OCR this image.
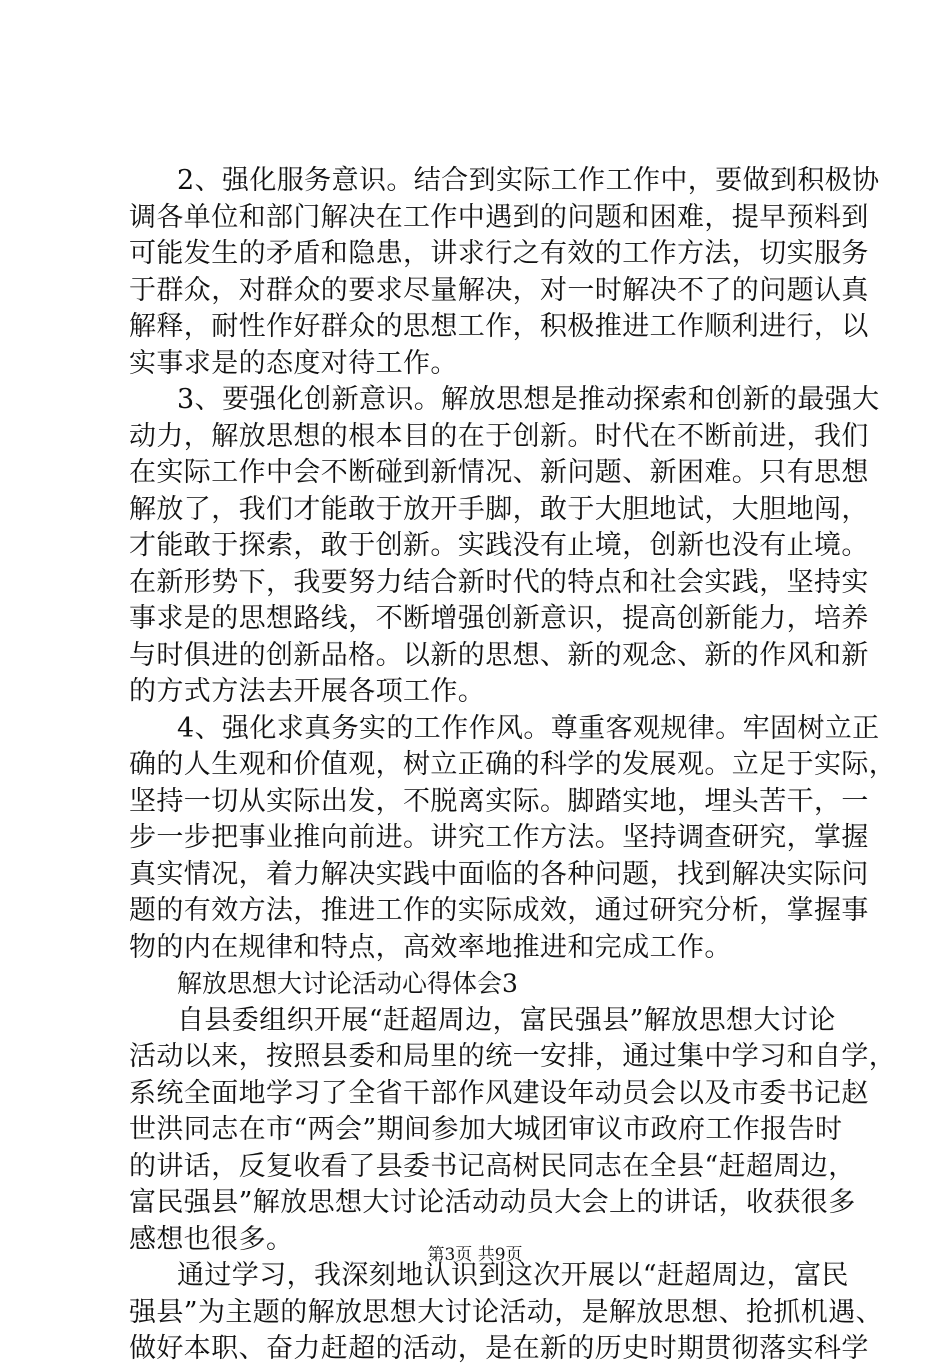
2、强化服务意识。结合到实际工作工作中，要做到积极协
调各单位和部门解决在工作中遇到的问题和困难，提早预料到
可能发生的矛盾和隐患，讲求行之有效的工作方法，切实服务
于群众，对群众的要求尽量解决，对一时解决不了的问题认真
解释，耐性作好群众的思想工作，积极推进工作顺利进行，以
实事求是的态度对待工作。
3、要强化创新意识。解放思想是推动探索和创新的最强大
动力，解放思想的根本目的在于创新。时代在不断前进，我们
在实际工作中会不断碰到新情况、新问题、新困难。只有思想
解放了，我们才能敢于放开手脚，敢于大胆地试，大胆地闯，
才能敢于探索，敢于创新。实践没有止境，创新也没有止境。
在新形势下，我要努力结合新时代的特点和社会实践，坚持实
事求是的思想路线，不断增强创新意识，提高创新能力，培养
与时俱进的创新品格。以新的思想、新的观念、新的作风和新
的方式方法去开展各项工作。
4、强化求真务实的工作作风。尊重客观规律。牢固树立正
确的人生观和价值观，树立正确的科学的发展观。立足于实际，
坚持一切从实际出发，不脱离实际。脚踏实地，埋头苦干，一
步一步把事业推向前进。讲究工作方法。坚持调查研究，掌握
真实情况，着力解决实践中面临的各种问题，找到解决实际问
题的有效方法，推进工作的实际成效，通过研究分析，掌握事
物的内在规律和特点，高效率地推进和完成工作。
解放思想大讨论活动心得体会3
自县委组织开展“赶超周边，富民强县”解放思想大讨论
活动以来，按照县委和局里的统一安排，通过集中学习和自学，
系统全面地学习了全省干部作风建设年动员会以及市委书记赵
世洪同志在市“两会”期间参加大城团审议市政府工作报告时
的讲话，反复收看了县委书记高树民同志在全县“赶超周边，
富民强县”解放思想大讨论活动动员大会上的讲话，收获很多
感想也很多。
通过学习，我深刻地认识到这次开展以“赶超周边，富民
强县”为主题的解放思想大讨论活动，是解放思想、抢抓机遇、
做好本职、奋力赶超的活动，是在新的历史时期贯彻落实科学
第3页 共9页
